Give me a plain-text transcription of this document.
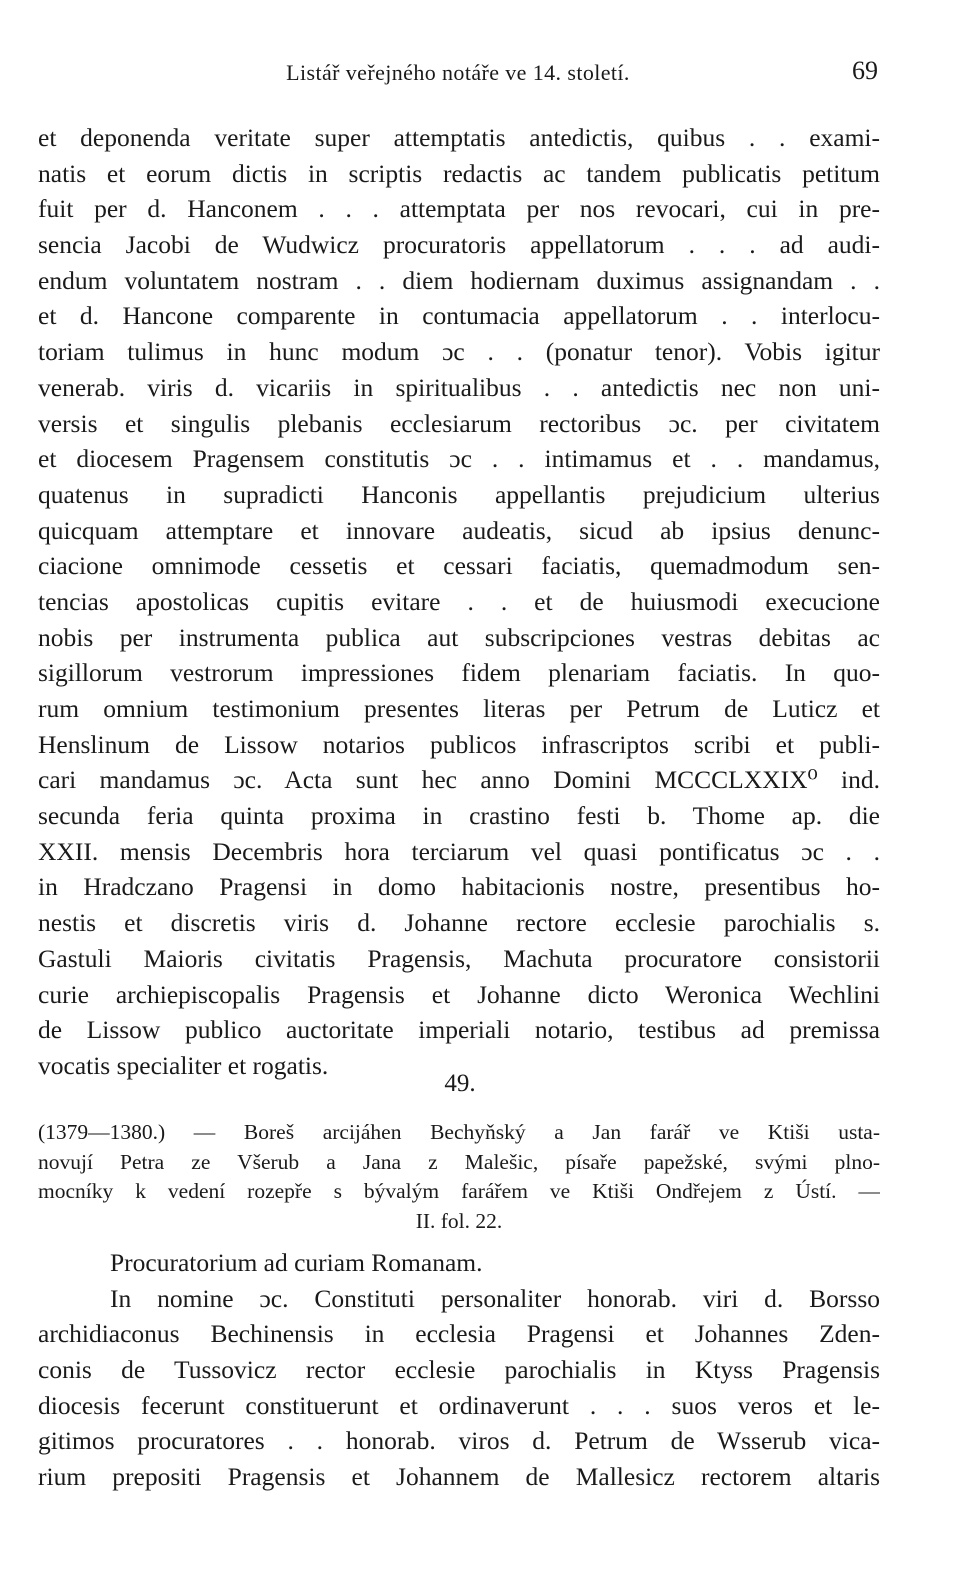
Listář veřejného notáře ve 14. století.	69
et deponenda veritate super attemptatis antedictis, quibus . . exami-
natis et eorum dictis in scriptis redactis ac tandem publicatis petitum
fuit per d. Hanconem . . . attemptata per nos revocari, cui in pre-
sencia Jacobi de Wudwicz procuratoris appellatorum . . . ad audi-
endum voluntatem nostram . . diem hodiernam duximus assignandam . .
et d. Hancone comparente in contumacia appellatorum . . interlocu-
toriam tulimus in hunc modum ɔc . . (ponatur tenor). Vobis igitur
venerab. viris d. vicariis in spiritualibus . . antedictis nec non uni-
versis et singulis plebanis ecclesiarum rectoribus ɔc. per civitatem
et diocesem Pragensem constitutis ɔc . . intimamus et . . mandamus,
quatenus in supradicti Hanconis appellantis prejudicium ulterius
quicquam attemptare et innovare audeatis, sicud ab ipsius denunc-
ciacione omnimode cessetis et cessari faciatis, quemadmodum sen-
tencias apostolicas cupitis evitare . . et de huiusmodi execucione
nobis per instrumenta publica aut subscripciones vestras debitas ac
sigillorum vestrorum impressiones fidem plenariam faciatis. In quo-
rum omnium testimonium presentes literas per Petrum de Luticz et
Henslinum de Lissow notarios publicos infrascriptos scribi et publi-
cari mandamus ɔc. Acta sunt hec anno Domini MCCCLXXIX⁰ ind.
secunda feria quinta proxima in crastino festi b. Thome ap. die
XXII. mensis Decembris hora terciarum vel quasi pontificatus ɔc . .
in Hradczano Pragensi in domo habitacionis nostre, presentibus ho-
nestis et discretis viris d. Johanne rectore ecclesie parochialis s.
Gastuli Maioris civitatis Pragensis, Machuta procuratore consistorii
curie archiepiscopalis Pragensis et Johanne dicto Weronica Wechlini
de Lissow publico auctoritate imperiali notario, testibus ad premissa
vocatis specialiter et rogatis.
49.
(1379—1380.) — Boreš arcijáhen Bechyňský a Jan farář ve Ktiši usta-
novují Petra ze Všerub a Jana z Malešic, písaře papežské, svými plno-
mocníky k vedení rozepře s bývalým farářem ve Ktiši Ondřejem z Ústí. —
II. fol. 22.
Procuratorium ad curiam Romanam.
In nomine ɔc. Constituti personaliter honorab. viri d. Borsso
archidiaconus Bechinensis in ecclesia Pragensi et Johannes Zden-
conis de Tussovicz rector ecclesie parochialis in Ktyss Pragensis
diocesis fecerunt constituerunt et ordinaverunt . . . suos veros et le-
gitimos procuratores . . honorab. viros d. Petrum de Wsserub vica-
rium prepositi Pragensis et Johannem de Mallesicz rectorem altaris
